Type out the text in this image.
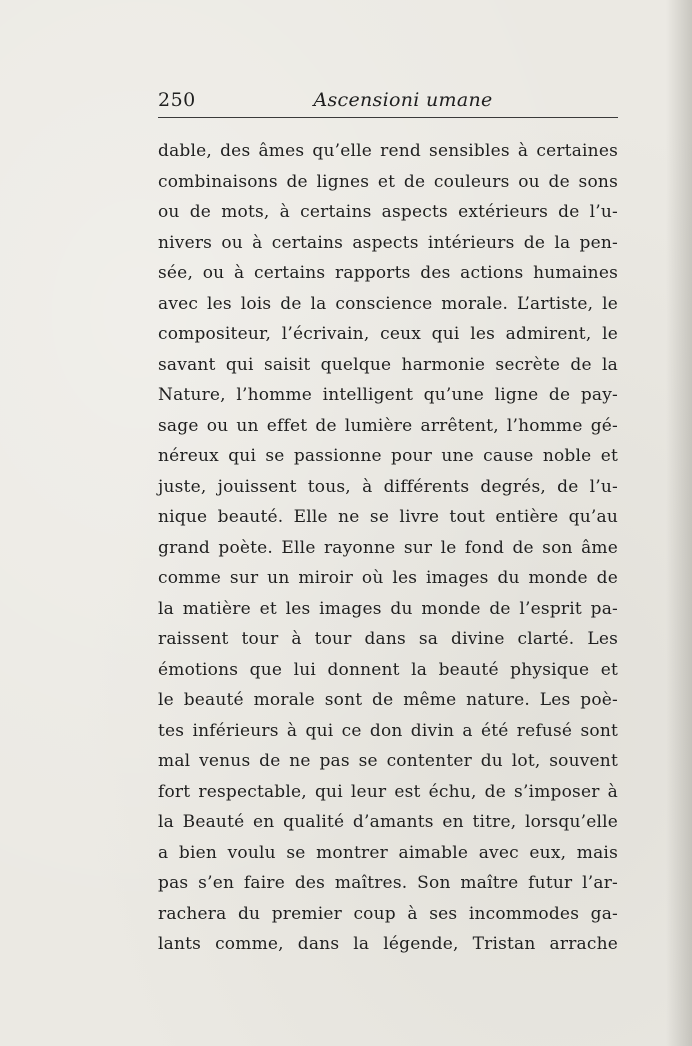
250	Ascensioni umane
dable, des âmes qu’elle rend sensibles à certaines
combinaisons de lignes et de couleurs ou de sons
ou de mots, à certains aspects extérieurs de l’u-
nivers ou à certains aspects intérieurs de la pen-
sée, ou à certains rapports des actions humaines
avec les lois de la conscience morale. L’artiste, le
compositeur, l’écrivain, ceux qui les admirent, le
savant qui saisit quelque harmonie secrète de la
Nature, l’homme intelligent qu’une ligne de pay-
sage ou un effet de lumière arrêtent, l’homme gé-
néreux qui se passionne pour une cause noble et
juste, jouissent tous, à différents degrés, de l’u-
nique beauté. Elle ne se livre tout entière qu’au
grand poète. Elle rayonne sur le fond de son âme
comme sur un miroir où les images du monde de
la matière et les images du monde de l’esprit pa-
raissent tour à tour dans sa divine clarté. Les
émotions que lui donnent la beauté physique et
le beauté morale sont de même nature. Les poè-
tes inférieurs à qui ce don divin a été refusé sont
mal venus de ne pas se contenter du lot, souvent
fort respectable, qui leur est échu, de s’imposer à
la Beauté en qualité d’amants en titre, lorsqu’elle
a bien voulu se montrer aimable avec eux, mais
pas s’en faire des maîtres. Son maître futur l’ar-
rachera du premier coup à ses incommodes ga-
lants comme, dans la légende, Tristan arrache
